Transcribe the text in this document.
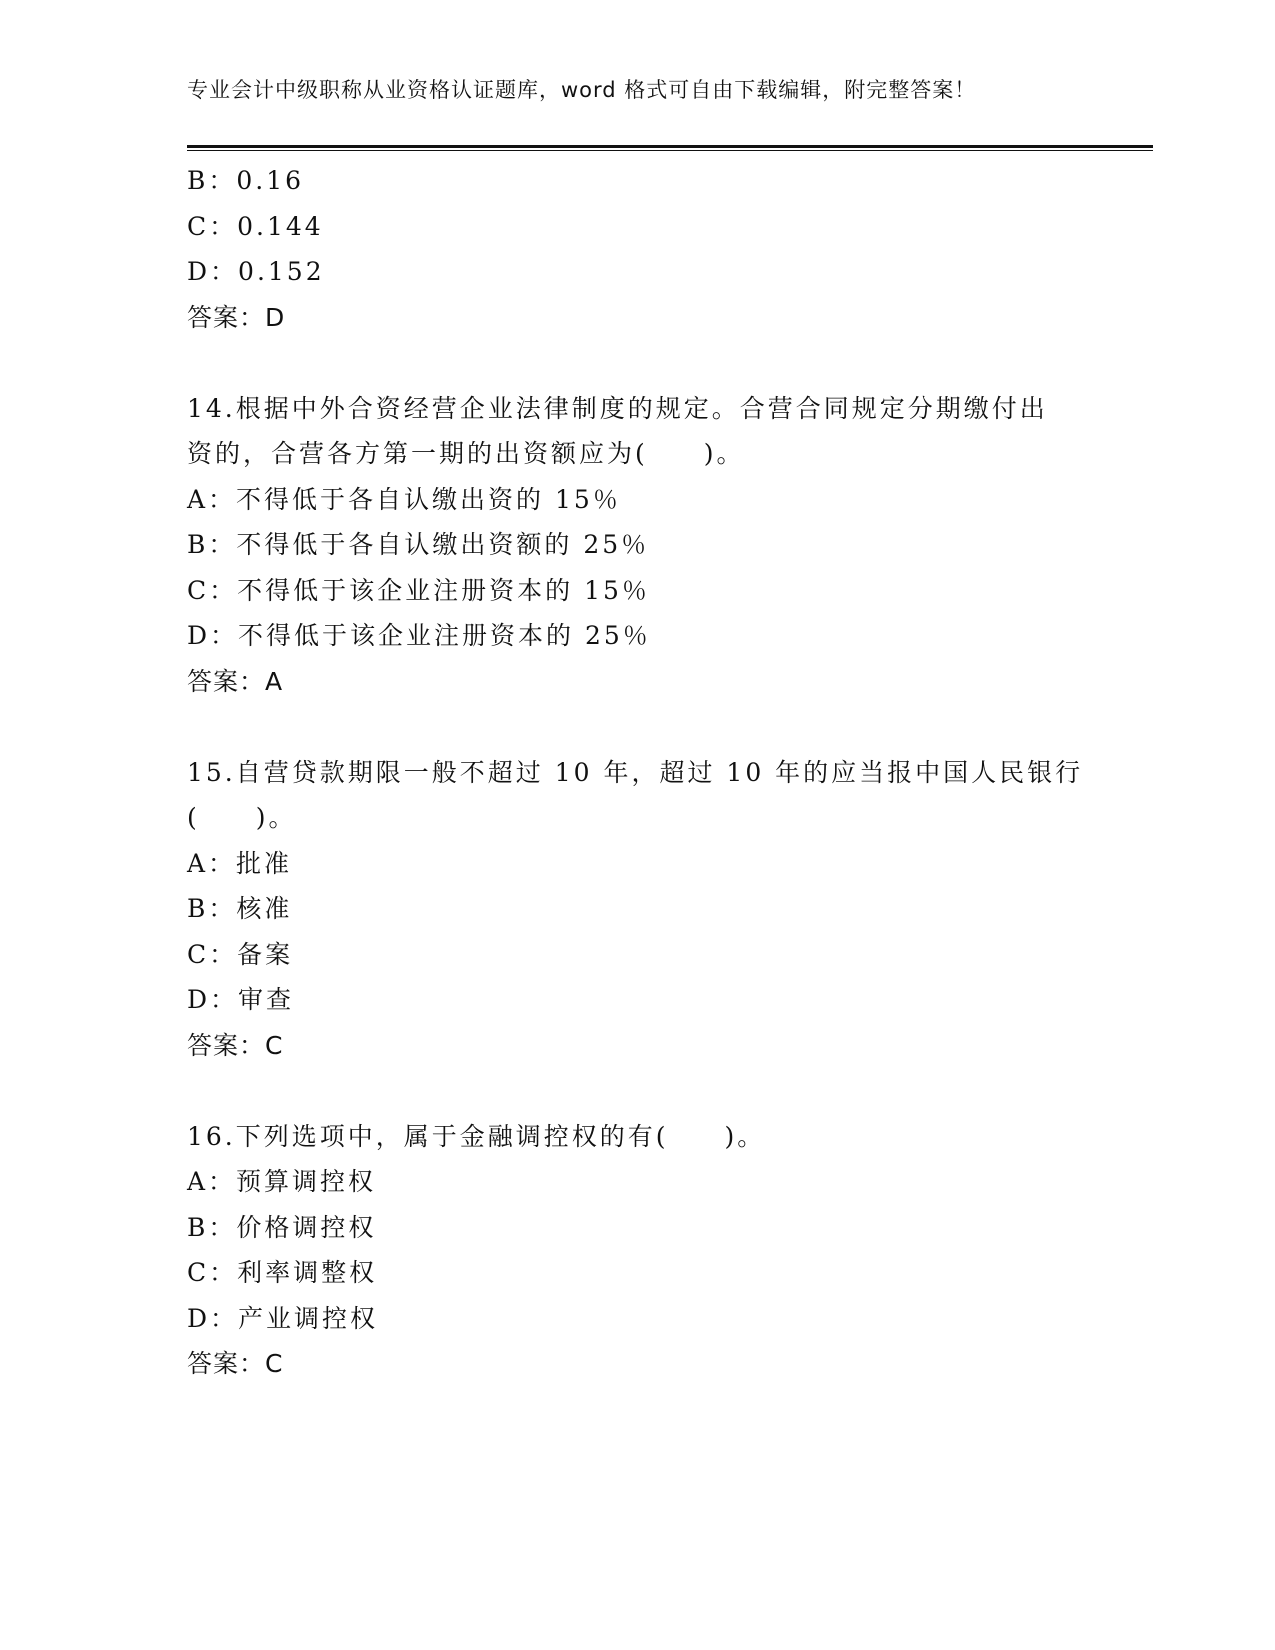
专业会计中级职称从业资格认证题库，word 格式可自由下载编辑，附完整答案！
B：0.16
C：0.144
D：0.152
答案：D
14.根据中外合资经营企业法律制度的规定。合营合同规定分期缴付出
资的，合营各方第一期的出资额应为(　　)。
A：不得低于各自认缴出资的 15％
B：不得低于各自认缴出资额的 25％
C：不得低于该企业注册资本的 15％
D：不得低于该企业注册资本的 25％
答案：A
15.自营贷款期限一般不超过 10 年，超过 10 年的应当报中国人民银行
(　　)。
A：批准
B：核准
C：备案
D：审查
答案：C
16.下列选项中，属于金融调控权的有(　　)。
A：预算调控权
B：价格调控权
C：利率调整权
D：产业调控权
答案：C
